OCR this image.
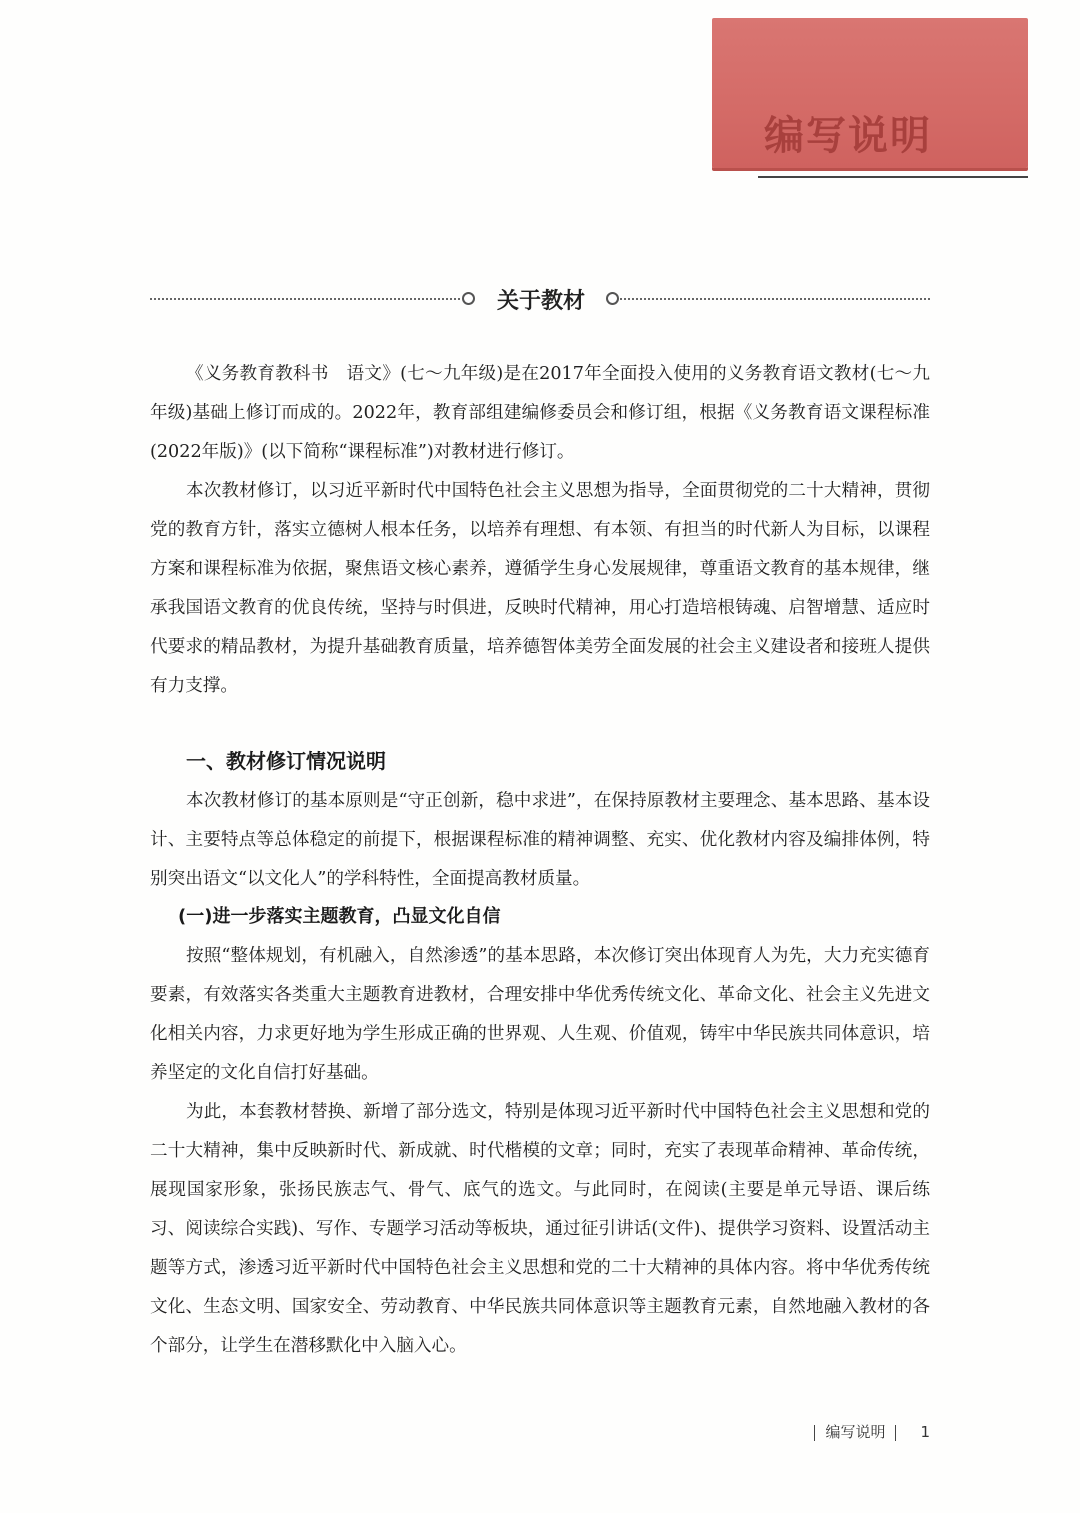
编写说明
关于教材
《义务教育教科书　语文》(七～九年级)是在2017年全面投入使用的义务教育语文教材(七～九年级)基础上修订而成的。2022年，教育部组建编修委员会和修订组，根据《义务教育语文课程标准(2022年版)》(以下简称“课程标准”)对教材进行修订。
本次教材修订，以习近平新时代中国特色社会主义思想为指导，全面贯彻党的二十大精神，贯彻党的教育方针，落实立德树人根本任务，以培养有理想、有本领、有担当的时代新人为目标，以课程方案和课程标准为依据，聚焦语文核心素养，遵循学生身心发展规律，尊重语文教育的基本规律，继承我国语文教育的优良传统，坚持与时俱进，反映时代精神，用心打造培根铸魂、启智增慧、适应时代要求的精品教材，为提升基础教育质量，培养德智体美劳全面发展的社会主义建设者和接班人提供有力支撑。
一、教材修订情况说明
本次教材修订的基本原则是“守正创新，稳中求进”，在保持原教材主要理念、基本思路、基本设计、主要特点等总体稳定的前提下，根据课程标准的精神调整、充实、优化教材内容及编排体例，特别突出语文“以文化人”的学科特性，全面提高教材质量。
(一)进一步落实主题教育，凸显文化自信
按照“整体规划，有机融入，自然渗透”的基本思路，本次修订突出体现育人为先，大力充实德育要素，有效落实各类重大主题教育进教材，合理安排中华优秀传统文化、革命文化、社会主义先进文化相关内容，力求更好地为学生形成正确的世界观、人生观、价值观，铸牢中华民族共同体意识，培养坚定的文化自信打好基础。
为此，本套教材替换、新增了部分选文，特别是体现习近平新时代中国特色社会主义思想和党的二十大精神，集中反映新时代、新成就、时代楷模的文章；同时，充实了表现革命精神、革命传统，展现国家形象，张扬民族志气、骨气、底气的选文。与此同时，在阅读(主要是单元导语、课后练习、阅读综合实践)、写作、专题学习活动等板块，通过征引讲话(文件)、提供学习资料、设置活动主题等方式，渗透习近平新时代中国特色社会主义思想和党的二十大精神的具体内容。将中华优秀传统文化、生态文明、国家安全、劳动教育、中华民族共同体意识等主题教育元素，自然地融入教材的各个部分，让学生在潜移默化中入脑入心。
编写说明 1
